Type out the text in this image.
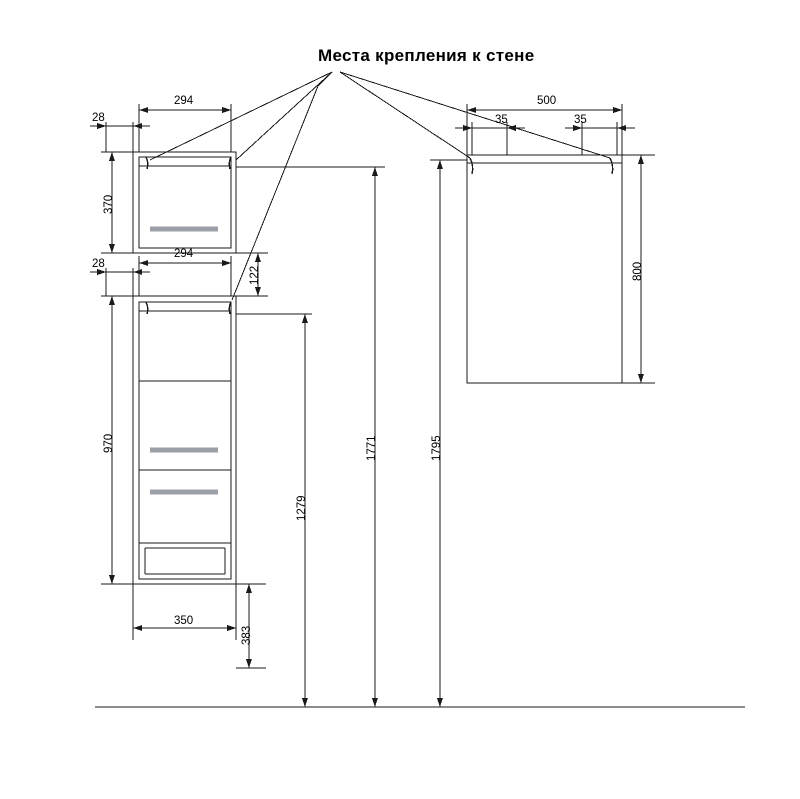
Места крепления к стене
28
294
370
28
294
122
970
350
383
1279
1771	1795
35
500
35
800
